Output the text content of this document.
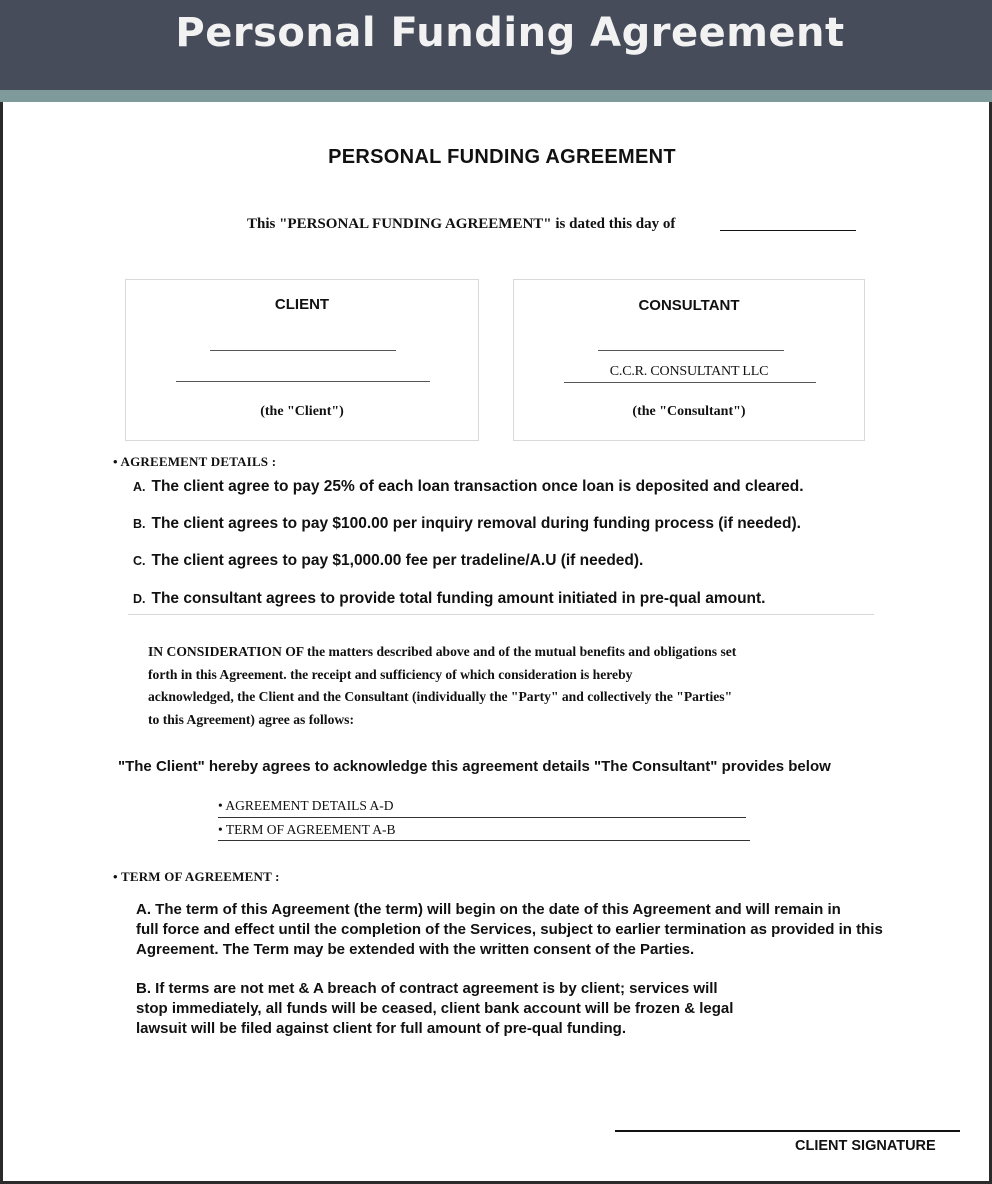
Personal Funding Agreement
PERSONAL FUNDING AGREEMENT
This "PERSONAL FUNDING AGREEMENT" is dated this day of
CLIENT
(the "Client")
CONSULTANT
C.C.R. CONSULTANT LLC
(the "Consultant")
• AGREEMENT DETAILS :
A. The client agree to pay 25% of each loan transaction once loan is deposited and cleared.
B. The client agrees to pay $100.00 per inquiry removal during funding process (if needed).
C. The client agrees to pay $1,000.00 fee per tradeline/A.U (if needed).
D. The consultant agrees to provide total funding amount initiated in pre-qual amount.
IN CONSIDERATION OF the matters described above and of the mutual benefits and obligations set
forth in this Agreement. the receipt and sufficiency of which consideration is hereby
acknowledged, the Client and the Consultant (individually the "Party" and collectively the "Parties"
to this Agreement) agree as follows:
"The Client" hereby agrees to acknowledge this agreement details "The Consultant" provides below
• AGREEMENT DETAILS A-D
• TERM OF AGREEMENT A-B
• TERM OF AGREEMENT :
A. The term of this Agreement (the term) will begin on the date of this Agreement and will remain in
full force and effect until the completion of the Services, subject to earlier termination as provided in this
Agreement. The Term may be extended with the written consent of the Parties.
B. If terms are not met & A breach of contract agreement is by client; services will
stop immediately, all funds will be ceased, client bank account will be frozen & legal
lawsuit will be filed against client for full amount of pre-qual funding.
CLIENT SIGNATURE
